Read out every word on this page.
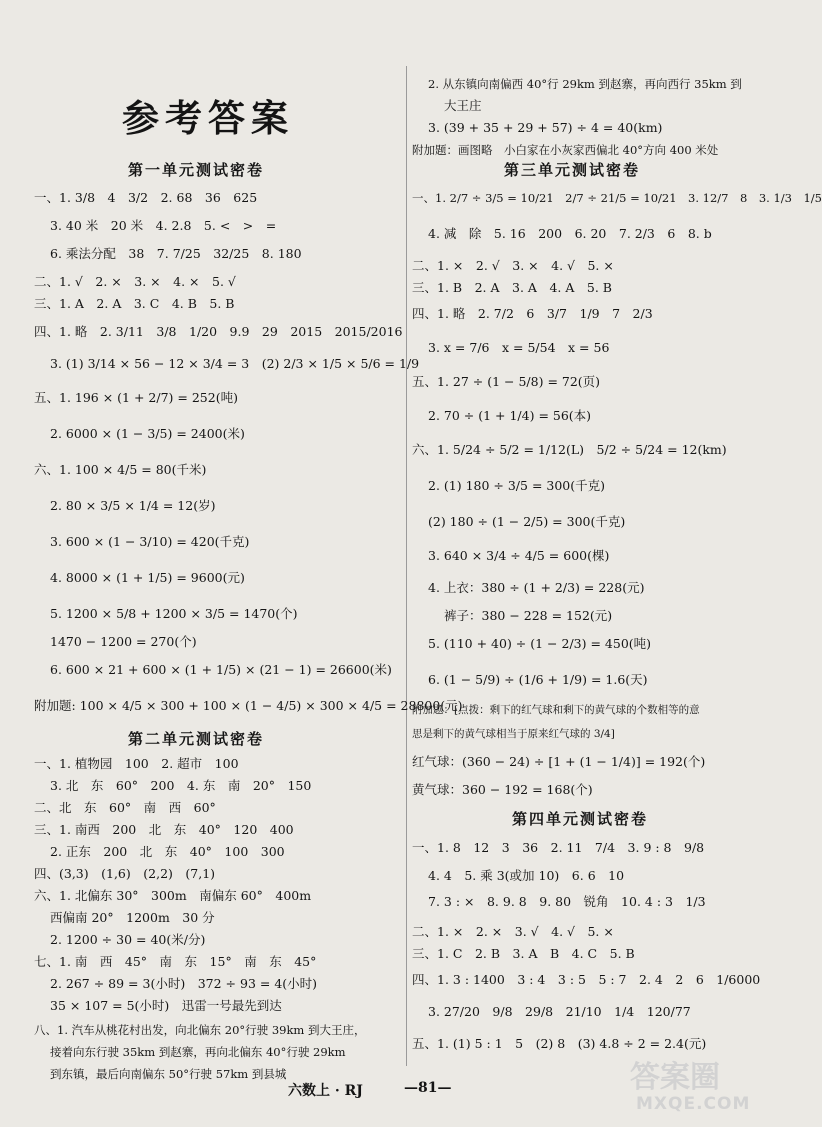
参考答案
第一单元测试密卷
一、1. 3/8　4　3/2　2. 68　36　625
3. 40 米　20 米　4. 2.8　5. <　>　=
6. 乘法分配　38　7. 7/25　32/25　8. 180
二、1. √　2. ×　3. ×　4. ×　5. √
三、1. A　2. A　3. C　4. B　5. B
四、1. 略　2. 3/11　3/8　1/20　9.9　29　2015　2015/2016
3. (1) 3/14 × 56 − 12 × 3/4 = 3　(2) 2/3 × 1/5 × 5/6 = 1/9
五、1. 196 × (1 + 2/7) = 252(吨)
2. 6000 × (1 − 3/5) = 2400(米)
六、1. 100 × 4/5 = 80(千米)
2. 80 × 3/5 × 1/4 = 12(岁)
3. 600 × (1 − 3/10) = 420(千克)
4. 8000 × (1 + 1/5) = 9600(元)
5. 1200 × 5/8 + 1200 × 3/5 = 1470(个)
1470 − 1200 = 270(个)
6. 600 × 21 + 600 × (1 + 1/5) × (21 − 1) = 26600(米)
附加题: 100 × 4/5 × 300 + 100 × (1 − 4/5) × 300 × 4/5 = 28800(元)
第二单元测试密卷
一、1. 植物园　100　2. 超市　100
3. 北　东　60°　200　4. 东　南　20°　150
二、北　东　60°　南　西　60°
三、1. 南西　200　北　东　40°　120　400
2. 正东　200　北　东　40°　100　300
四、(3,3)　(1,6)　(2,2)　(7,1)
六、1. 北偏东 30°　300m　南偏东 60°　400m
西偏南 20°　1200m　30 分
2. 1200 ÷ 30 = 40(米/分)
七、1. 南　西　45°　南　东　15°　南　东　45°
2. 267 ÷ 89 = 3(小时)　372 ÷ 93 = 4(小时)
35 × 107 = 5(小时)　迅雷一号最先到达
八、1. 汽车从桃花村出发，向北偏东 20°行驶 39km 到大王庄，
接着向东行驶 35km 到赵寨，再向北偏东 40°行驶 29km
到东镇，最后向南偏东 50°行驶 57km 到县城
2. 从东镇向南偏西 40°行 29km 到赵寨，再向西行 35km 到
大王庄
3. (39 + 35 + 29 + 57) ÷ 4 = 40(km)
附加题：画图略　小白家在小灰家西偏北 40°方向 400 米处
第三单元测试密卷
一、1. 2/7 ÷ 3/5 = 10/21　2/7 ÷ 21/5 = 10/21　3. 12/7　8　3. 1/3　1/5
4. 减　除　5. 16　200　6. 20　7. 2/3　6　8. b
二、1. ×　2. √　3. ×　4. √　5. ×
三、1. B　2. A　3. A　4. A　5. B
四、1. 略　2. 7/2　6　3/7　1/9　7　2/3
3. x = 7/6　x = 5/54　x = 56
五、1. 27 ÷ (1 − 5/8) = 72(页)
2. 70 ÷ (1 + 1/4) = 56(本)
六、1. 5/24 ÷ 5/2 = 1/12(L)　5/2 ÷ 5/24 = 12(km)
2. (1) 180 ÷ 3/5 = 300(千克)
(2) 180 ÷ (1 − 2/5) = 300(千克)
3. 640 × 3/4 ÷ 4/5 = 600(棵)
4. 上衣：380 ÷ (1 + 2/3) = 228(元)
裤子：380 − 228 = 152(元)
5. (110 + 40) ÷ (1 − 2/3) = 450(吨)
6. (1 − 5/9) ÷ (1/6 + 1/9) = 1.6(天)
附加题：[点拨：剩下的红气球和剩下的黄气球的个数相等的意
思是剩下的黄气球相当于原来红气球的 3/4]
红气球：(360 − 24) ÷ [1 + (1 − 1/4)] = 192(个)
黄气球：360 − 192 = 168(个)
第四单元测试密卷
一、1. 8　12　3　36　2. 11　7/4　3. 9 : 8　9/8
4. 4　5. 乘 3(或加 10)　6. 6　10
7. 3 : ×　8. 9. 8　9. 80　锐角　10. 4 : 3　1/3
二、1. ×　2. ×　3. √　4. √　5. ×
三、1. C　2. B　3. A　B　4. C　5. B
四、1. 3 : 1400　3 : 4　3 : 5　5 : 7　2. 4　2　6　1/6000
3. 27/20　9/8　29/8　21/10　1/4　120/77
五、1. (1) 5 : 1　5　(2) 8　(3) 4.8 ÷ 2 = 2.4(元)
六数上 · RJ	—81—	答案圈
MXQE.COM
